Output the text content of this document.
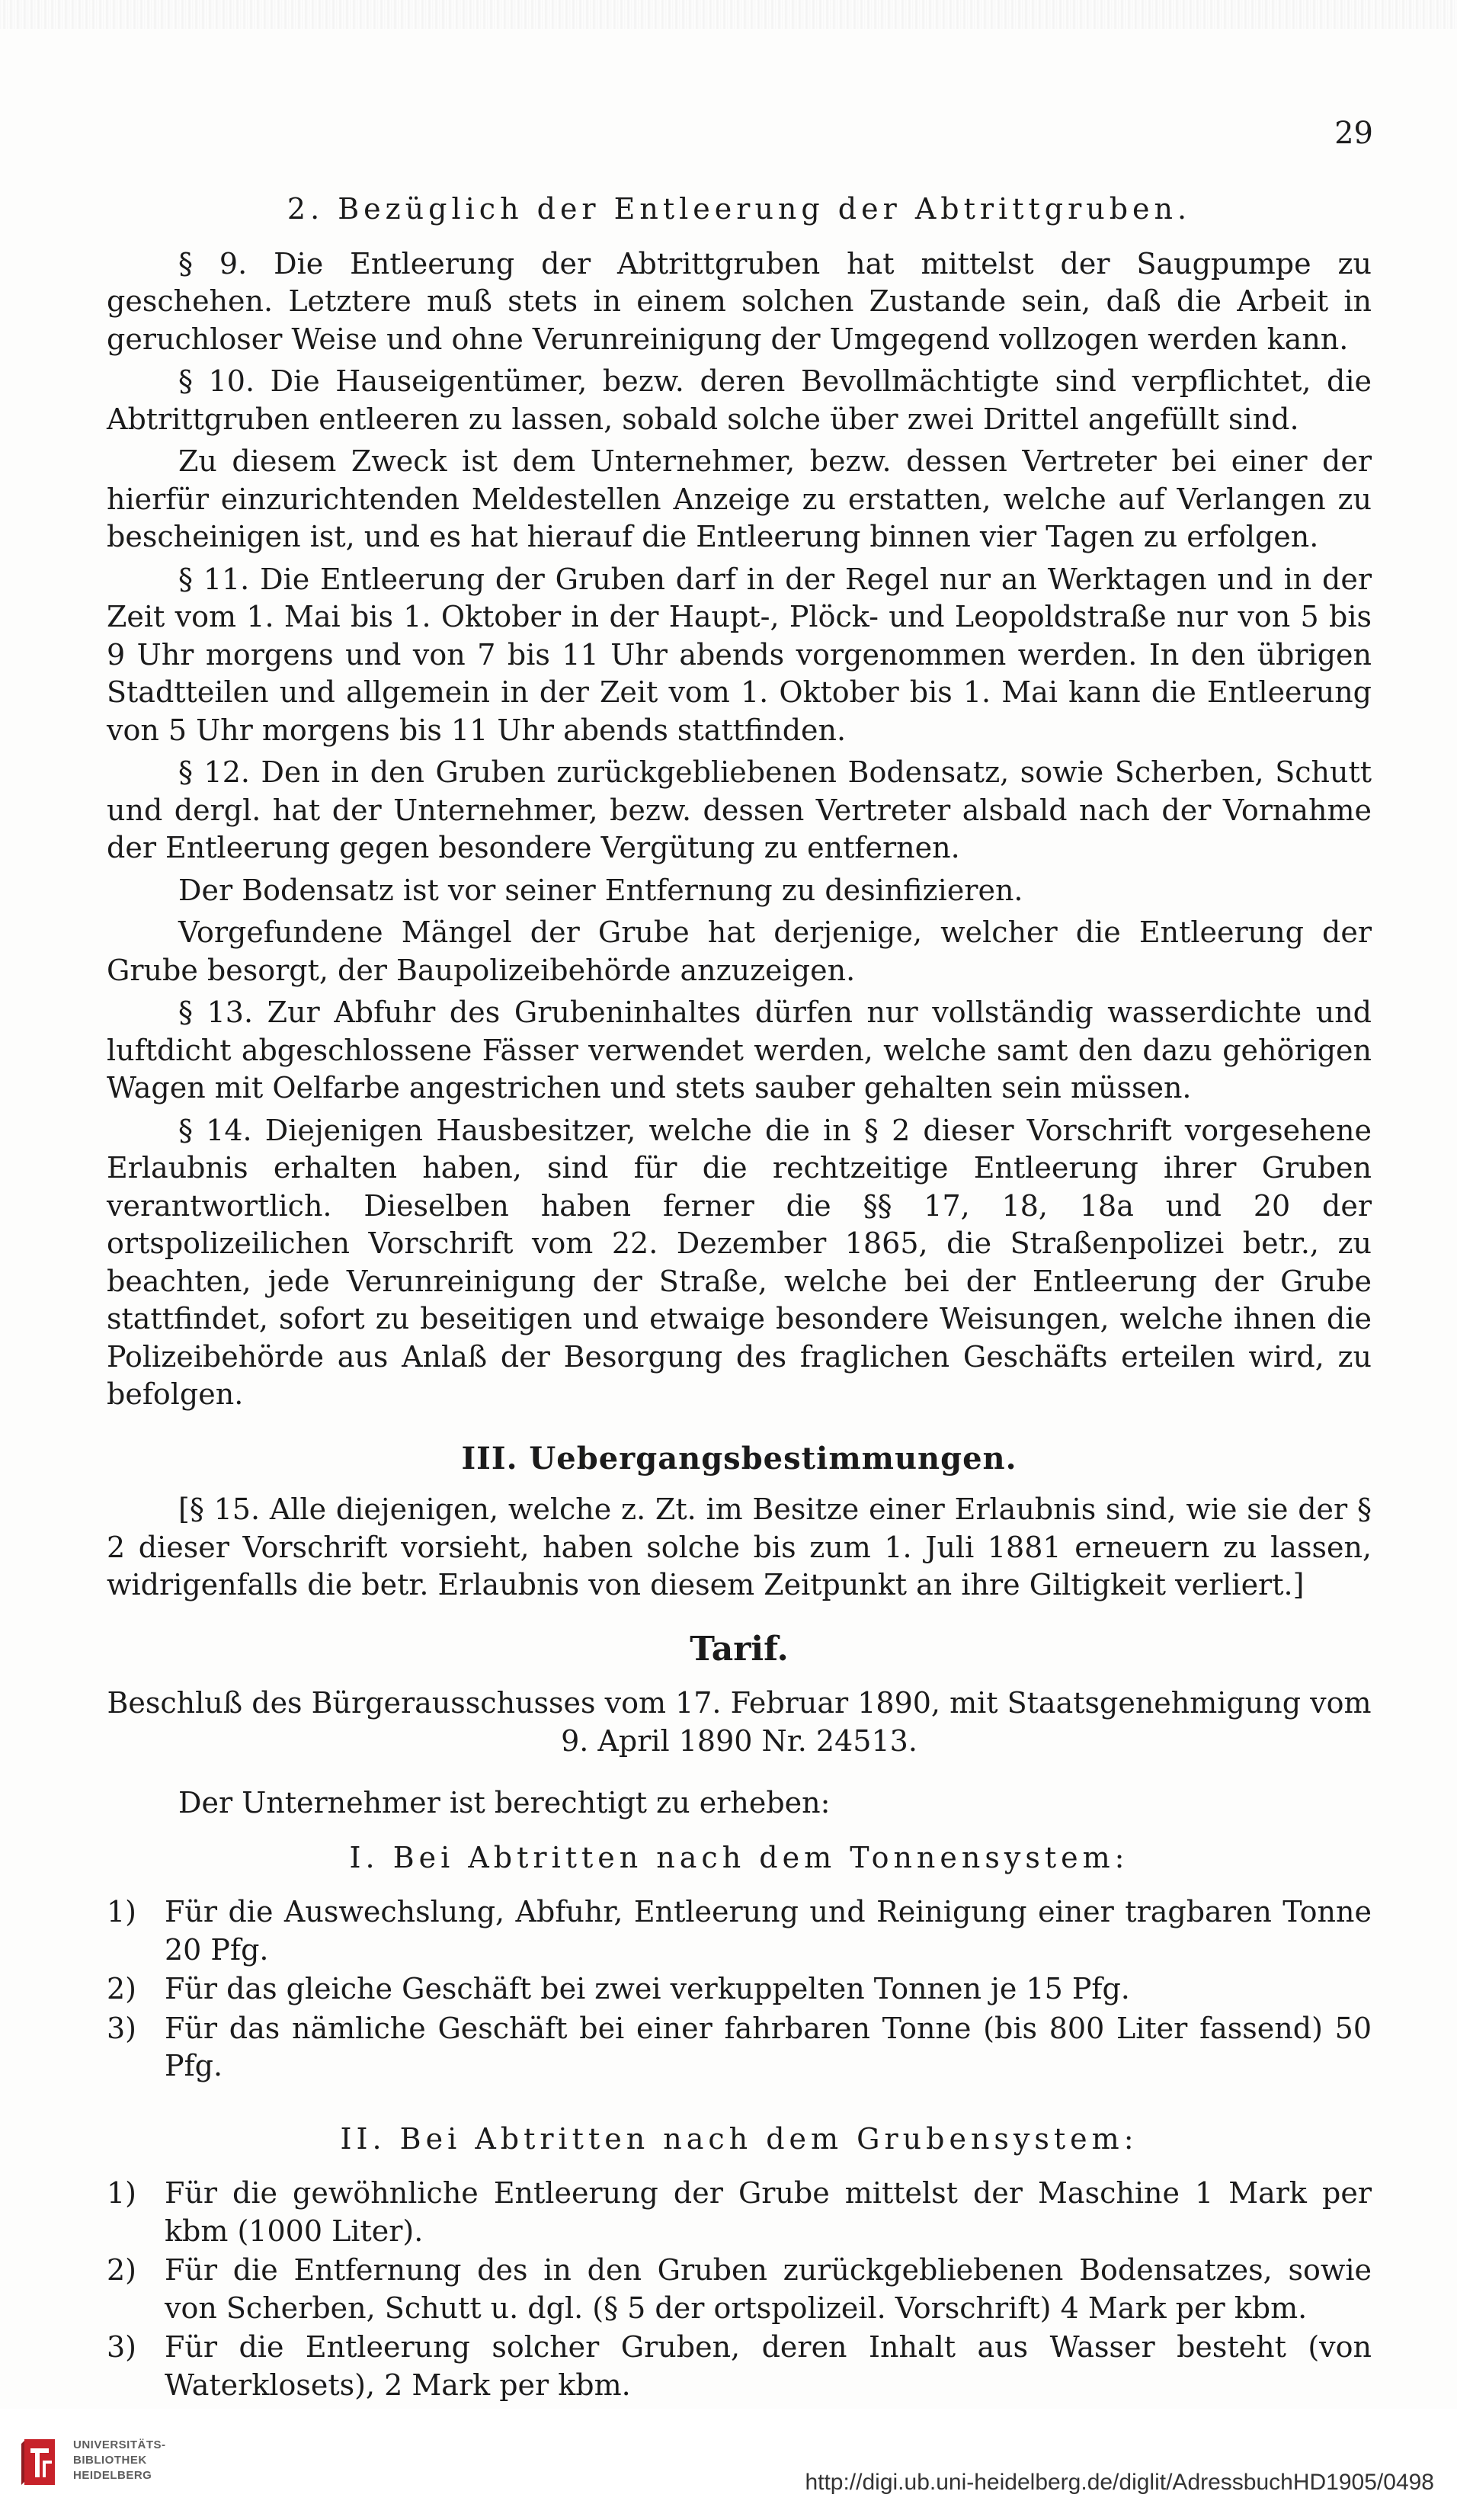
29
2. Bezüglich der Entleerung der Abtrittgruben.

§ 9. Die Entleerung der Abtrittgruben hat mittelst der Saugpumpe zu geschehen. Letztere muß stets in einem solchen Zustande sein, daß die Arbeit in geruchloser Weise und ohne Verunreinigung der Umgegend vollzogen werden kann.

§ 10. Die Hauseigentümer, bezw. deren Bevollmächtigte sind verpflichtet, die Abtrittgruben entleeren zu lassen, sobald solche über zwei Drittel angefüllt sind.

Zu diesem Zweck ist dem Unternehmer, bezw. dessen Vertreter bei einer der hierfür einzurichtenden Meldestellen Anzeige zu erstatten, welche auf Verlangen zu bescheinigen ist, und es hat hierauf die Entleerung binnen vier Tagen zu erfolgen.

§ 11. Die Entleerung der Gruben darf in der Regel nur an Werktagen und in der Zeit vom 1. Mai bis 1. Oktober in der Haupt-, Plöck- und Leopoldstraße nur von 5 bis 9 Uhr morgens und von 7 bis 11 Uhr abends vorgenommen werden. In den übrigen Stadtteilen und allgemein in der Zeit vom 1. Oktober bis 1. Mai kann die Entleerung von 5 Uhr morgens bis 11 Uhr abends stattfinden.

§ 12. Den in den Gruben zurückgebliebenen Bodensatz, sowie Scherben, Schutt und dergl. hat der Unternehmer, bezw. dessen Vertreter alsbald nach der Vornahme der Entleerung gegen besondere Vergütung zu entfernen.

Der Bodensatz ist vor seiner Entfernung zu desinfizieren.

Vorgefundene Mängel der Grube hat derjenige, welcher die Entleerung der Grube besorgt, der Baupolizeibehörde anzuzeigen.

§ 13. Zur Abfuhr des Grubeninhaltes dürfen nur vollständig wasserdichte und luftdicht abgeschlossene Fässer verwendet werden, welche samt den dazu gehörigen Wagen mit Oelfarbe angestrichen und stets sauber gehalten sein müssen.

§ 14. Diejenigen Hausbesitzer, welche die in § 2 dieser Vorschrift vorgesehene Erlaubnis erhalten haben, sind für die rechtzeitige Entleerung ihrer Gruben verantwortlich. Dieselben haben ferner die §§ 17, 18, 18a und 20 der ortspolizeilichen Vorschrift vom 22. Dezember 1865, die Straßenpolizei betr., zu beachten, jede Verunreinigung der Straße, welche bei der Entleerung der Grube stattfindet, sofort zu beseitigen und etwaige besondere Weisungen, welche ihnen die Polizeibehörde aus Anlaß der Besorgung des fraglichen Geschäfts erteilen wird, zu befolgen.

III. Uebergangsbestimmungen.

[§ 15. Alle diejenigen, welche z. Zt. im Besitze einer Erlaubnis sind, wie sie der § 2 dieser Vorschrift vorsieht, haben solche bis zum 1. Juli 1881 erneuern zu lassen, widrigenfalls die betr. Erlaubnis von diesem Zeitpunkt an ihre Giltigkeit verliert.]

Tarif.
Beschluß des Bürgerausschusses vom 17. Februar 1890, mit Staatsgenehmigung vom 9. April 1890 Nr. 24513.

Der Unternehmer ist berechtigt zu erheben:

I. Bei Abtritten nach dem Tonnensystem:
1) Für die Auswechslung, Abfuhr, Entleerung und Reinigung einer tragbaren Tonne 20 Pfg.
2) Für das gleiche Geschäft bei zwei verkuppelten Tonnen je 15 Pfg.
3) Für das nämliche Geschäft bei einer fahrbaren Tonne (bis 800 Liter fassend) 50 Pfg.
II. Bei Abtritten nach dem Grubensystem:
1) Für die gewöhnliche Entleerung der Grube mittelst der Maschine 1 Mark per kbm (1000 Liter).
2) Für die Entfernung des in den Gruben zurückgebliebenen Bodensatzes, sowie von Scherben, Schutt u. dgl. (§ 5 der ortspolizeil. Vorschrift) 4 Mark per kbm.
3) Für die Entleerung solcher Gruben, deren Inhalt aus Wasser besteht (von Waterklosets), 2 Mark per kbm.
UNIVERSITÄTS-
BIBLIOTHEK
HEIDELBERG	http://digi.ub.uni-heidelberg.de/diglit/AdressbuchHD1905/0498
